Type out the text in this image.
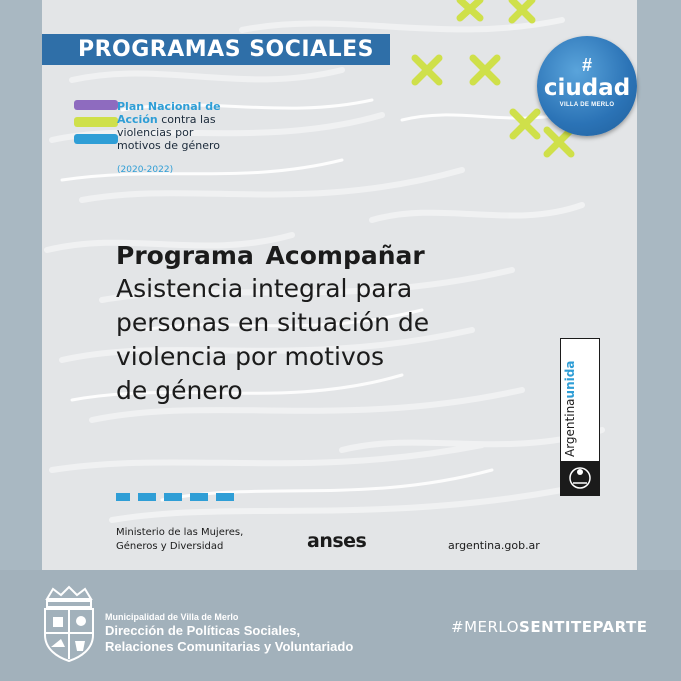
PROGRAMAS SOCIALES
Plan Nacional de
Acción contra las
violencias por
motivos de género
(2020-2022)
Programa Acompañar
Asistencia integral para
personas en situación de
violencia por motivos
de género
Argentinaunida
Ministerio de las Mujeres,
Géneros y Diversidad	anses	argentina.gob.ar
#
ciudad
VILLA DE MERLO
Municipalidad de Villa de Merlo
Dirección de Políticas Sociales,
Relaciones Comunitarias y Voluntariado
#MERLOSENTITEPARTE
